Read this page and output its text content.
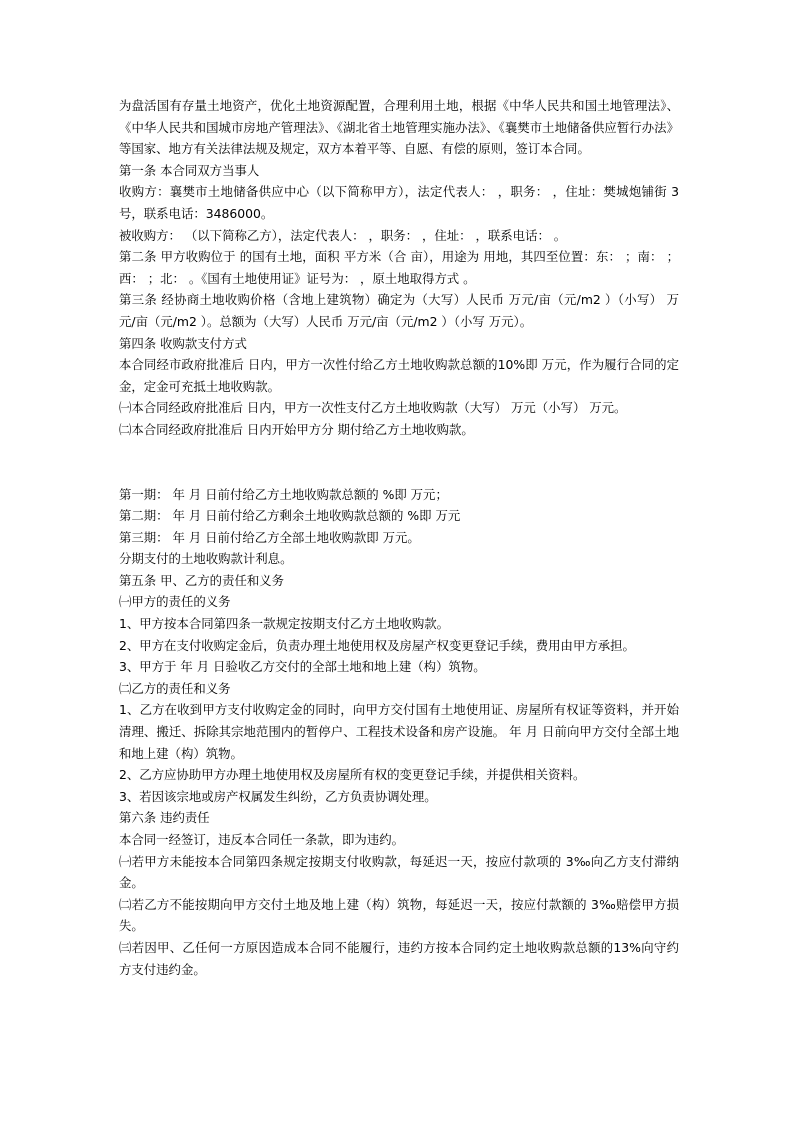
为盘活国有存量土地资产，优化土地资源配置，合理利用土地，根据《中华人民共和国土地管理法》、《中华人民共和国城市房地产管理法》、《湖北省土地管理实施办法》、《襄樊市土地储备供应暂行办法》等国家、地方有关法律法规及规定，双方本着平等、自愿、有偿的原则，签订本合同。

第一条 本合同双方当事人

收购方：襄樊市土地储备供应中心（以下简称甲方），法定代表人： ，职务： ，住址：樊城炮铺街 3 号，联系电话：3486000。

被收购方： （以下简称乙方），法定代表人： ，职务： ，住址： ，联系电话： 。

第二条 甲方收购位于 的国有土地，面积 平方米（合 亩），用途为 用地，其四至位置：东： ；南： ；西： ；北： 。《国有土地使用证》证号为： ，原土地取得方式 。

第三条 经协商土地收购价格（含地上建筑物）确定为（大写）人民币 万元/亩（元/m2 ）（小写） 万元/亩（元/m2 ）。总额为（大写）人民币 万元/亩（元/m2 ）（小写 万元）。

第四条 收购款支付方式

本合同经市政府批准后 日内，甲方一次性付给乙方土地收购款总额的10%即 万元，作为履行合同的定金，定金可充抵土地收购款。

㈠本合同经政府批准后 日内，甲方一次性支付乙方土地收购款（大写） 万元（小写） 万元。

㈡本合同经政府批准后 日内开始甲方分 期付给乙方土地收购款。

第一期： 年 月 日前付给乙方土地收购款总额的 %即 万元；

第二期： 年 月 日前付给乙方剩余土地收购款总额的 %即 万元

第三期： 年 月 日前付给乙方全部土地收购款即 万元。

分期支付的土地收购款计利息。

第五条 甲、乙方的责任和义务

㈠甲方的责任的义务

1、甲方按本合同第四条一款规定按期支付乙方土地收购款。

2、甲方在支付收购定金后，负责办理土地使用权及房屋产权变更登记手续，费用由甲方承担。

3、甲方于 年 月 日验收乙方交付的全部土地和地上建（构）筑物。

㈡乙方的责任和义务

1、乙方在收到甲方支付收购定金的同时，向甲方交付国有土地使用证、房屋所有权证等资料，并开始清理、搬迁、拆除其宗地范围内的暂停户、工程技术设备和房产设施。 年 月 日前向甲方交付全部土地和地上建（构）筑物。

2、乙方应协助甲方办理土地使用权及房屋所有权的变更登记手续，并提供相关资料。

3、若因该宗地或房产权属发生纠纷，乙方负责协调处理。

第六条 违约责任

本合同一经签订，违反本合同任一条款，即为违约。

㈠若甲方未能按本合同第四条规定按期支付收购款，每延迟一天，按应付款项的 3‰向乙方支付滞纳金。

㈡若乙方不能按期向甲方交付土地及地上建（构）筑物，每延迟一天，按应付款额的 3‰赔偿甲方损失。

㈢若因甲、乙任何一方原因造成本合同不能履行，违约方按本合同约定土地收购款总额的13%向守约方支付违约金。
